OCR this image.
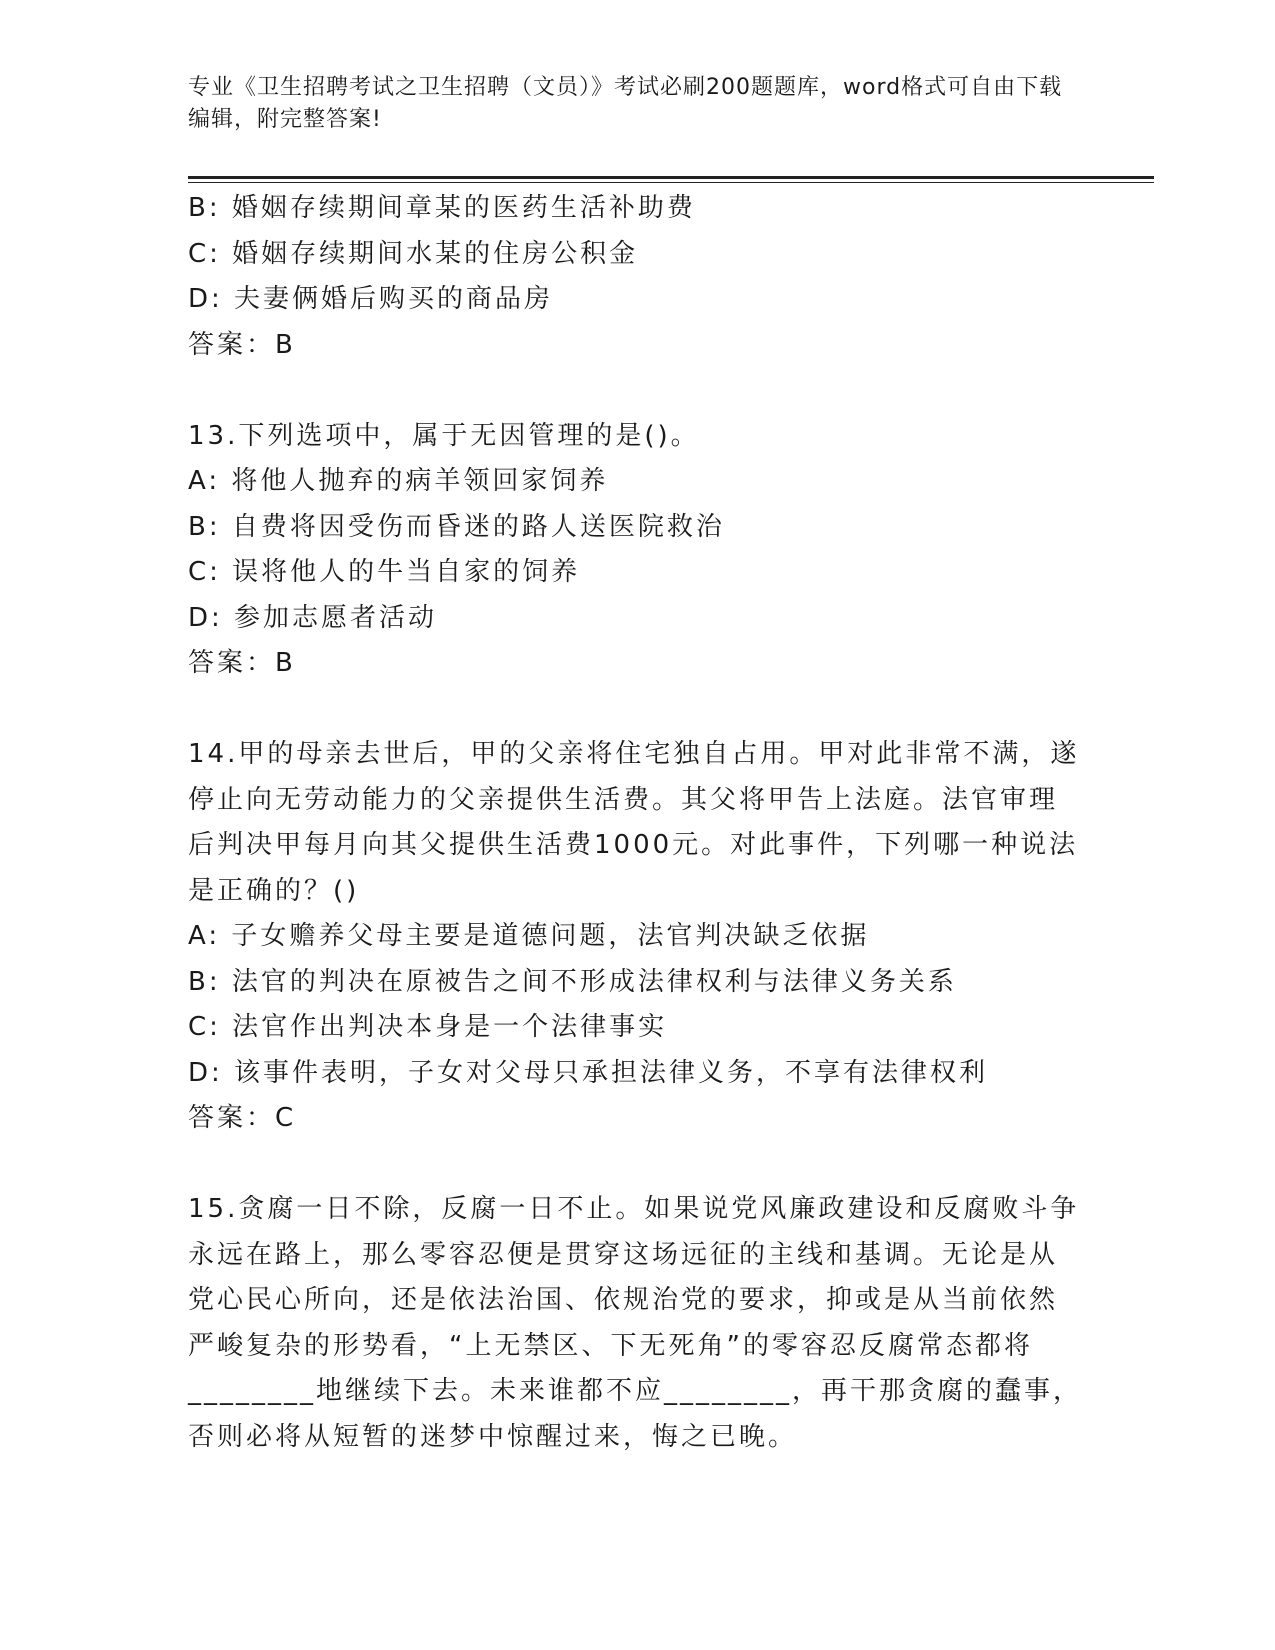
专业《卫生招聘考试之卫生招聘（文员）》考试必刷200题题库，word格式可自由下载编辑，附完整答案!

B: 婚姻存续期间章某的医药生活补助费

C: 婚姻存续期间水某的住房公积金

D: 夫妻俩婚后购买的商品房

答案：B

13.下列选项中，属于无因管理的是()。

A: 将他人抛弃的病羊领回家饲养

B: 自费将因受伤而昏迷的路人送医院救治

C: 误将他人的牛当自家的饲养

D: 参加志愿者活动

答案：B

14.甲的母亲去世后，甲的父亲将住宅独自占用。甲对此非常不满，遂

停止向无劳动能力的父亲提供生活费。其父将甲告上法庭。法官审理

后判决甲每月向其父提供生活费1000元。对此事件，下列哪一种说法

是正确的？()

A: 子女赡养父母主要是道德问题，法官判决缺乏依据

B: 法官的判决在原被告之间不形成法律权利与法律义务关系

C: 法官作出判决本身是一个法律事实

D: 该事件表明，子女对父母只承担法律义务，不享有法律权利

答案：C

15.贪腐一日不除，反腐一日不止。如果说党风廉政建设和反腐败斗争

永远在路上，那么零容忍便是贯穿这场远征的主线和基调。无论是从

党心民心所向，还是依法治国、依规治党的要求，抑或是从当前依然

严峻复杂的形势看，“上无禁区、下无死角”的零容忍反腐常态都将

________地继续下去。未来谁都不应________，再干那贪腐的蠢事，

否则必将从短暂的迷梦中惊醒过来，悔之已晚。
